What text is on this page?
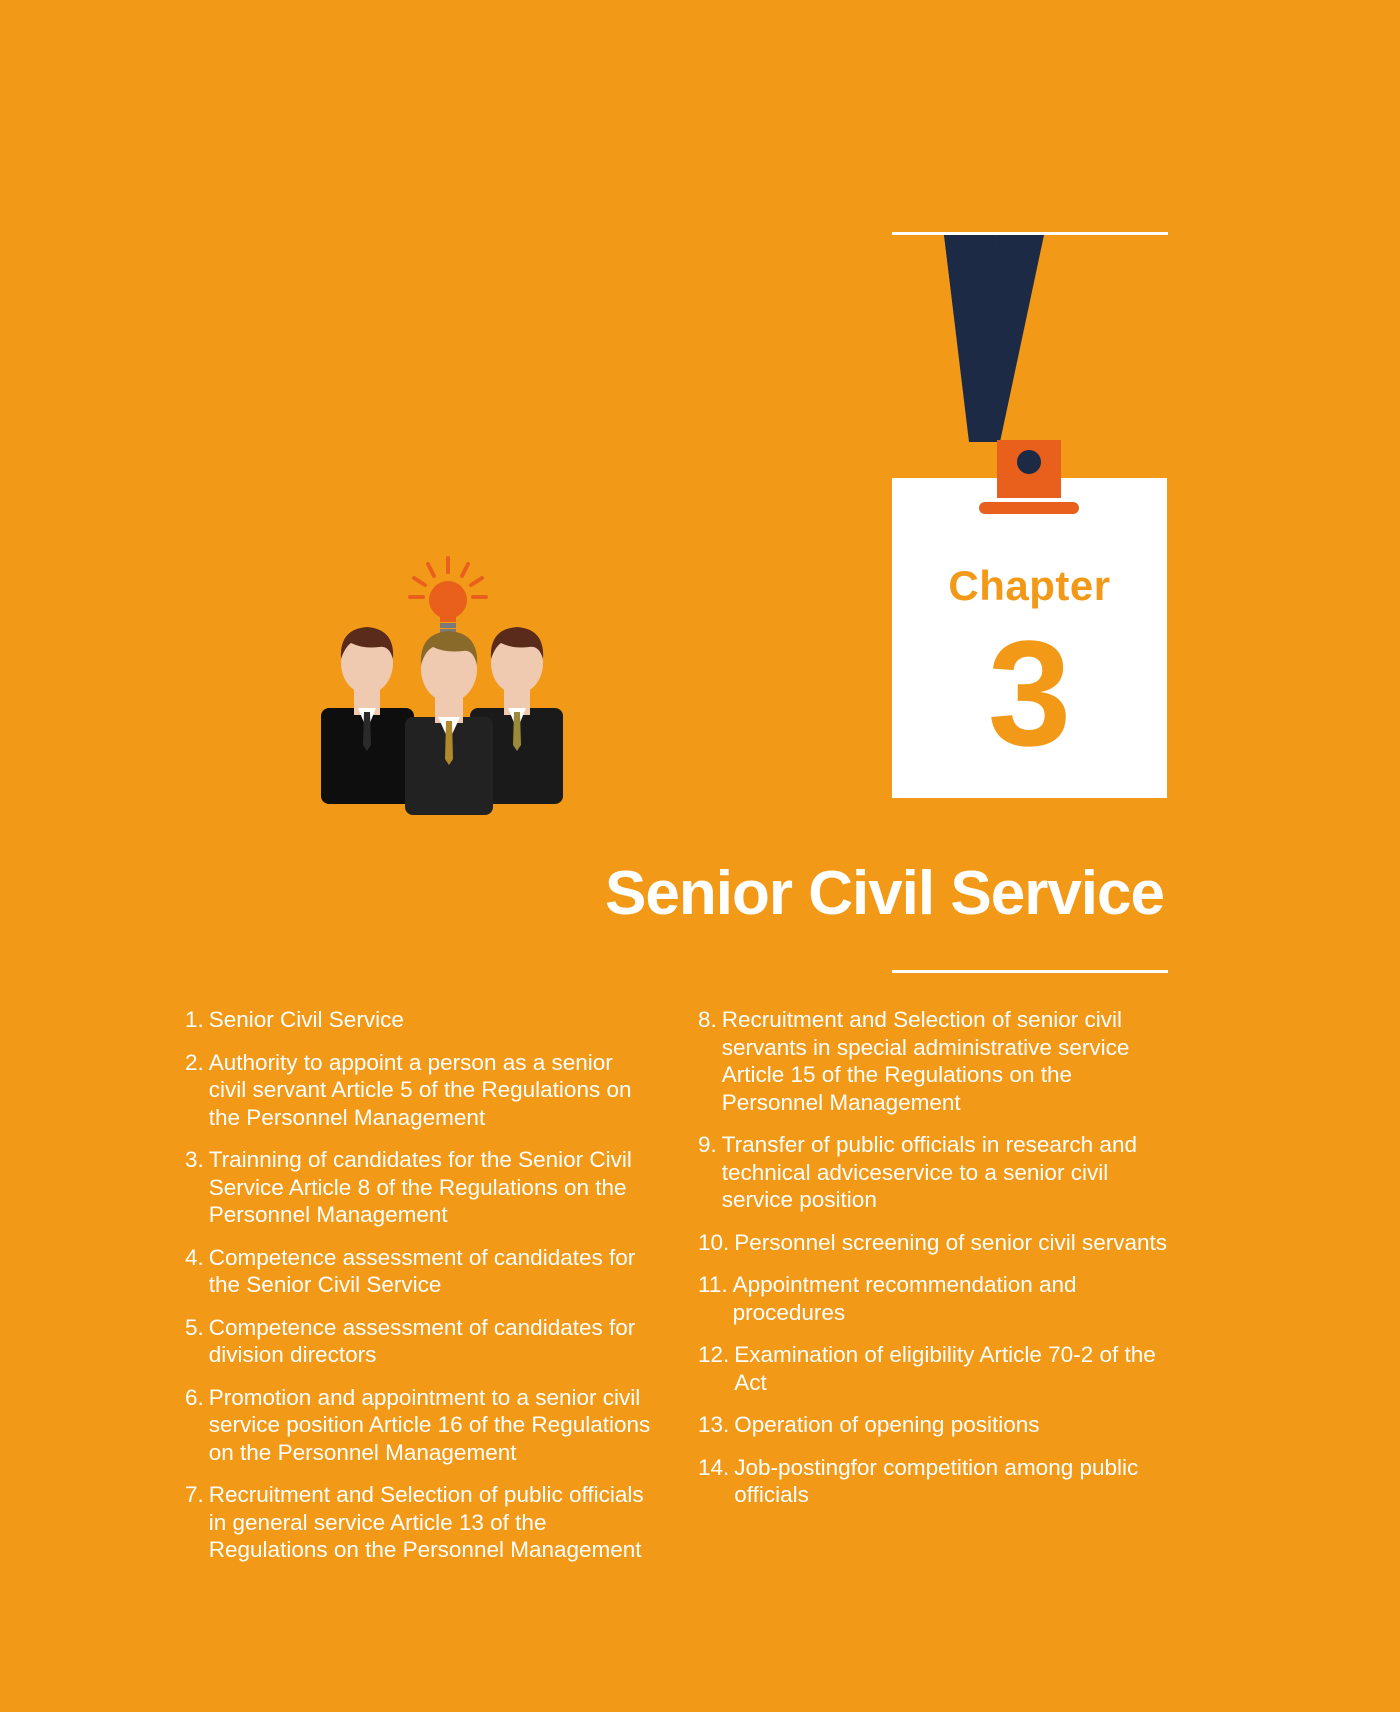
Chapter
3
Senior Civil Service
1. Senior Civil Service
2. Authority to appoint a person as a senior civil servant Article 5 of the Regulations on the Personnel Management
3. Trainning of candidates for the Senior Civil Service Article 8 of the Regulations on the Personnel Management
4. Competence assessment of candidates for the Senior Civil Service
5. Competence assessment of candidates for division directors
6. Promotion and appointment to a senior civil service position Article 16 of the Regulations on the Personnel Management
7. Recruitment and Selection of public officials in general service Article 13 of the Regulations on the Personnel Management
8. Recruitment and Selection of senior civil servants in special administrative service Article 15 of the Regulations on the Personnel Management
9. Transfer of public officials in research and technical adviceservice to a senior civil service position
10. Personnel screening of senior civil servants
11. Appointment recommendation and procedures
12. Examination of eligibility Article 70-2 of the Act
13. Operation of opening positions
14. Job-postingfor competition among public officials
